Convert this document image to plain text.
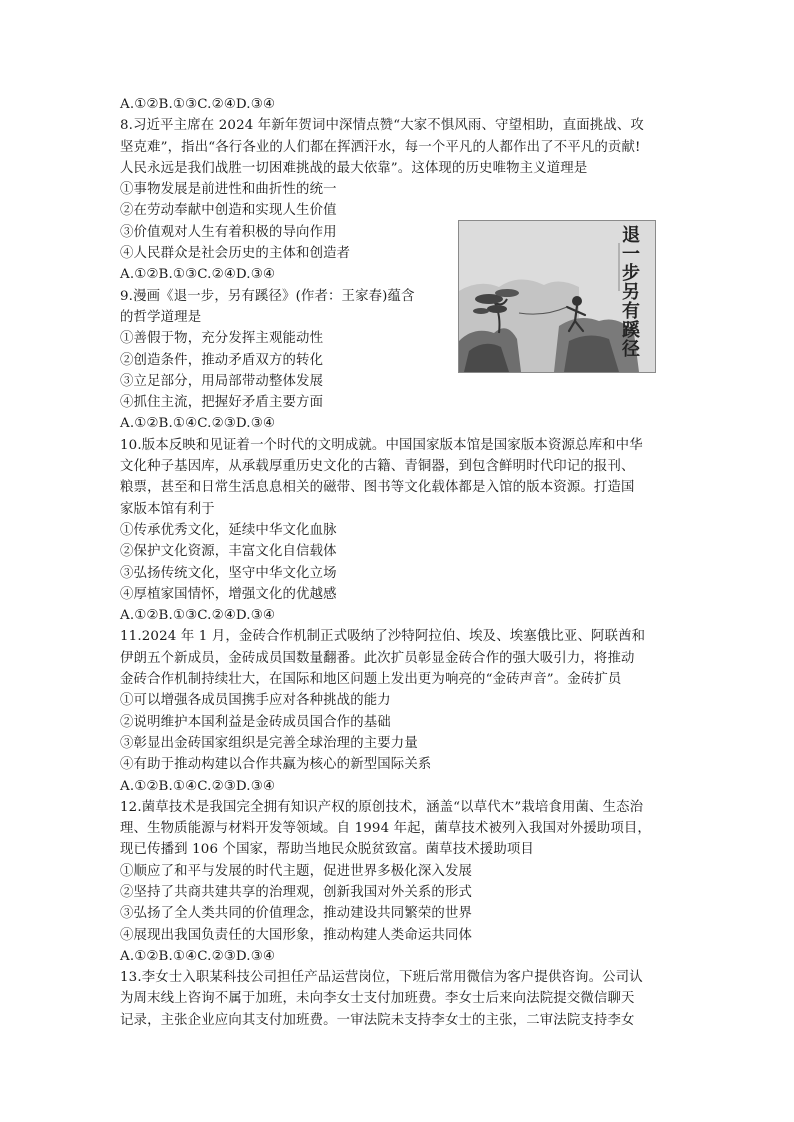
A.①②B.①③C.②④D.③④
8.习近平主席在 2024 年新年贺词中深情点赞“大家不惧风雨、守望相助，直面挑战、攻
坚克难”，指出“各行各业的人们都在挥洒汗水，每一个平凡的人都作出了不平凡的贡献!
人民永远是我们战胜一切困难挑战的最大依靠”。这体现的历史唯物主义道理是
①事物发展是前进性和曲折性的统一
②在劳动奉献中创造和实现人生价值
③价值观对人生有着积极的导向作用
④人民群众是社会历史的主体和创造者
A.①②B.①③C.②④D.③④
9.漫画《退一步，另有蹊径》(作者：王家春)蕴含
的哲学道理是
①善假于物，充分发挥主观能动性
②创造条件，推动矛盾双方的转化
③立足部分，用局部带动整体发展
④抓住主流，把握好矛盾主要方面
A.①②B.①④C.②③D.③④
10.版本反映和见证着一个时代的文明成就。中国国家版本馆是国家版本资源总库和中华
文化种子基因库，从承载厚重历史文化的古籍、青铜器，到包含鲜明时代印记的报刊、
粮票，甚至和日常生活息息相关的磁带、图书等文化载体都是入馆的版本资源。打造国
家版本馆有利于
①传承优秀文化，延续中华文化血脉
②保护文化资源，丰富文化自信载体
③弘扬传统文化，坚守中华文化立场
④厚植家国情怀，增强文化的优越感
A.①②B.①③C.②④D.③④
11.2024 年 1 月，金砖合作机制正式吸纳了沙特阿拉伯、埃及、埃塞俄比亚、阿联酋和
伊朗五个新成员，金砖成员国数量翻番。此次扩员彰显金砖合作的强大吸引力，将推动
金砖合作机制持续壮大，在国际和地区问题上发出更为响亮的“金砖声音”。金砖扩员
①可以增强各成员国携手应对各种挑战的能力
②说明维护本国利益是金砖成员国合作的基础
③彰显出金砖国家组织是完善全球治理的主要力量
④有助于推动构建以合作共赢为核心的新型国际关系
A.①②B.①④C.②③D.③④
12.菌草技术是我国完全拥有知识产权的原创技术，涵盖“以草代木”栽培食用菌、生态治
理、生物质能源与材料开发等领域。自 1994 年起，菌草技术被列入我国对外援助项目，
现已传播到 106 个国家，帮助当地民众脱贫致富。菌草技术援助项目
①顺应了和平与发展的时代主题，促进世界多极化深入发展
②坚持了共商共建共享的治理观，创新我国对外关系的形式
③弘扬了全人类共同的价值理念，推动建设共同繁荣的世界
④展现出我国负责任的大国形象，推动构建人类命运共同体
A.①②B.①④C.②③D.③④
13.李女士入职某科技公司担任产品运营岗位，下班后常用微信为客户提供咨询。公司认
为周末线上咨询不属于加班，未向李女士支付加班费。李女士后来向法院提交微信聊天
记录，主张企业应向其支付加班费。一审法院未支持李女士的主张，二审法院支持李女
退一步另有蹊径
